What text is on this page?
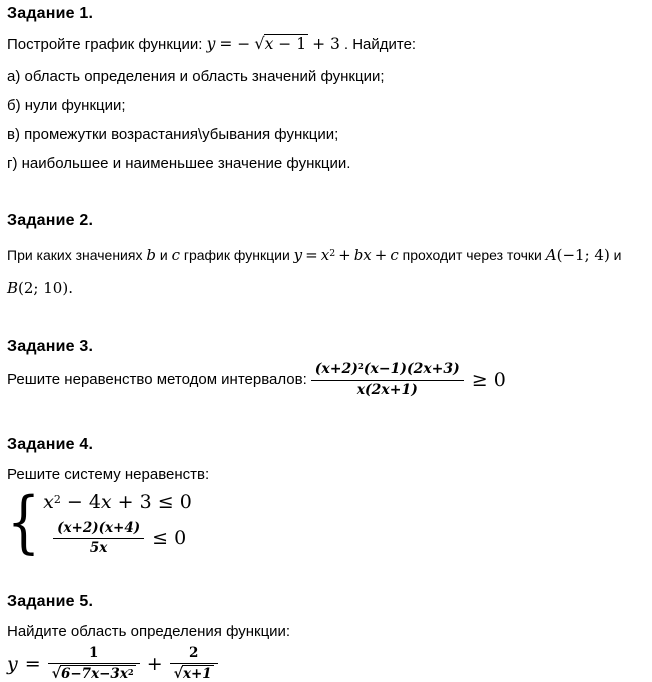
Задание 1.

Постройте график функции: y = − √x − 1 + 3 . Найдите:

а) область определения и область значений функции;

б) нули функции;

в) промежутки возрастания\убывания функции;

г) наибольшее и наименьшее значение функции.

Задание 2.

При каких значениях b и c график функции $y = x^2$ + bx + c проходит через точки A(−1; 4) и
B(2; 10).

Задание 3.
Решите неравенство методом интервалов: $\frac{(x+2)^2(x-1)(2x+3)}{x(2x+1)} \ge 0$
Задание 4.

Решите систему неравенств:

{ $x^2 - 4x + 3 \le 0$
$\frac{(x+2)(x+4)}{5x} \le 0$
Задание 5.

Найдите область определения функции:

$y = \frac{1}{√6-7x-3x2} + \frac{2}{√x+1}$
